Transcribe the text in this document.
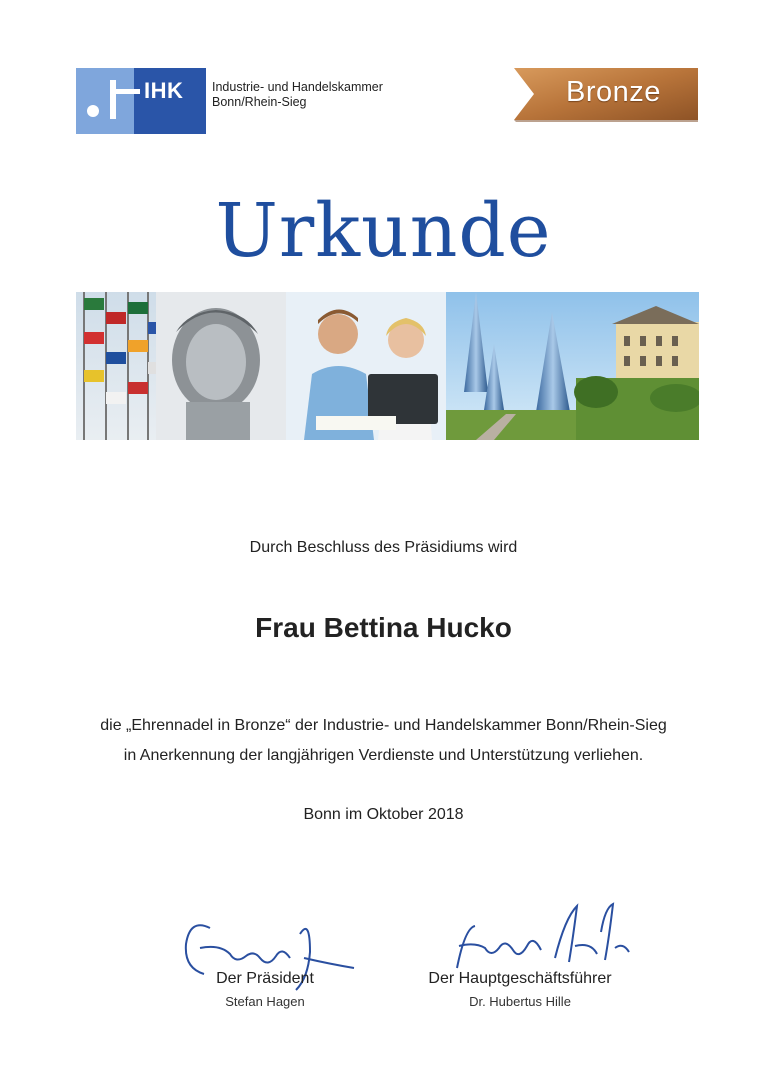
IHK Industrie- und Handelskammer
Bonn/Rhein-Sieg	Bronze
Urkunde
Durch Beschluss des Präsidiums wird
Frau Bettina Hucko
die „Ehrennadel in Bronze“ der Industrie- und Handelskammer Bonn/Rhein-Sieg
in Anerkennung der langjährigen Verdienste und Unterstützung verliehen.
Bonn im Oktober 2018
Der Präsident
Stefan Hagen
Der Hauptgeschäftsführer
Dr. Hubertus Hille
